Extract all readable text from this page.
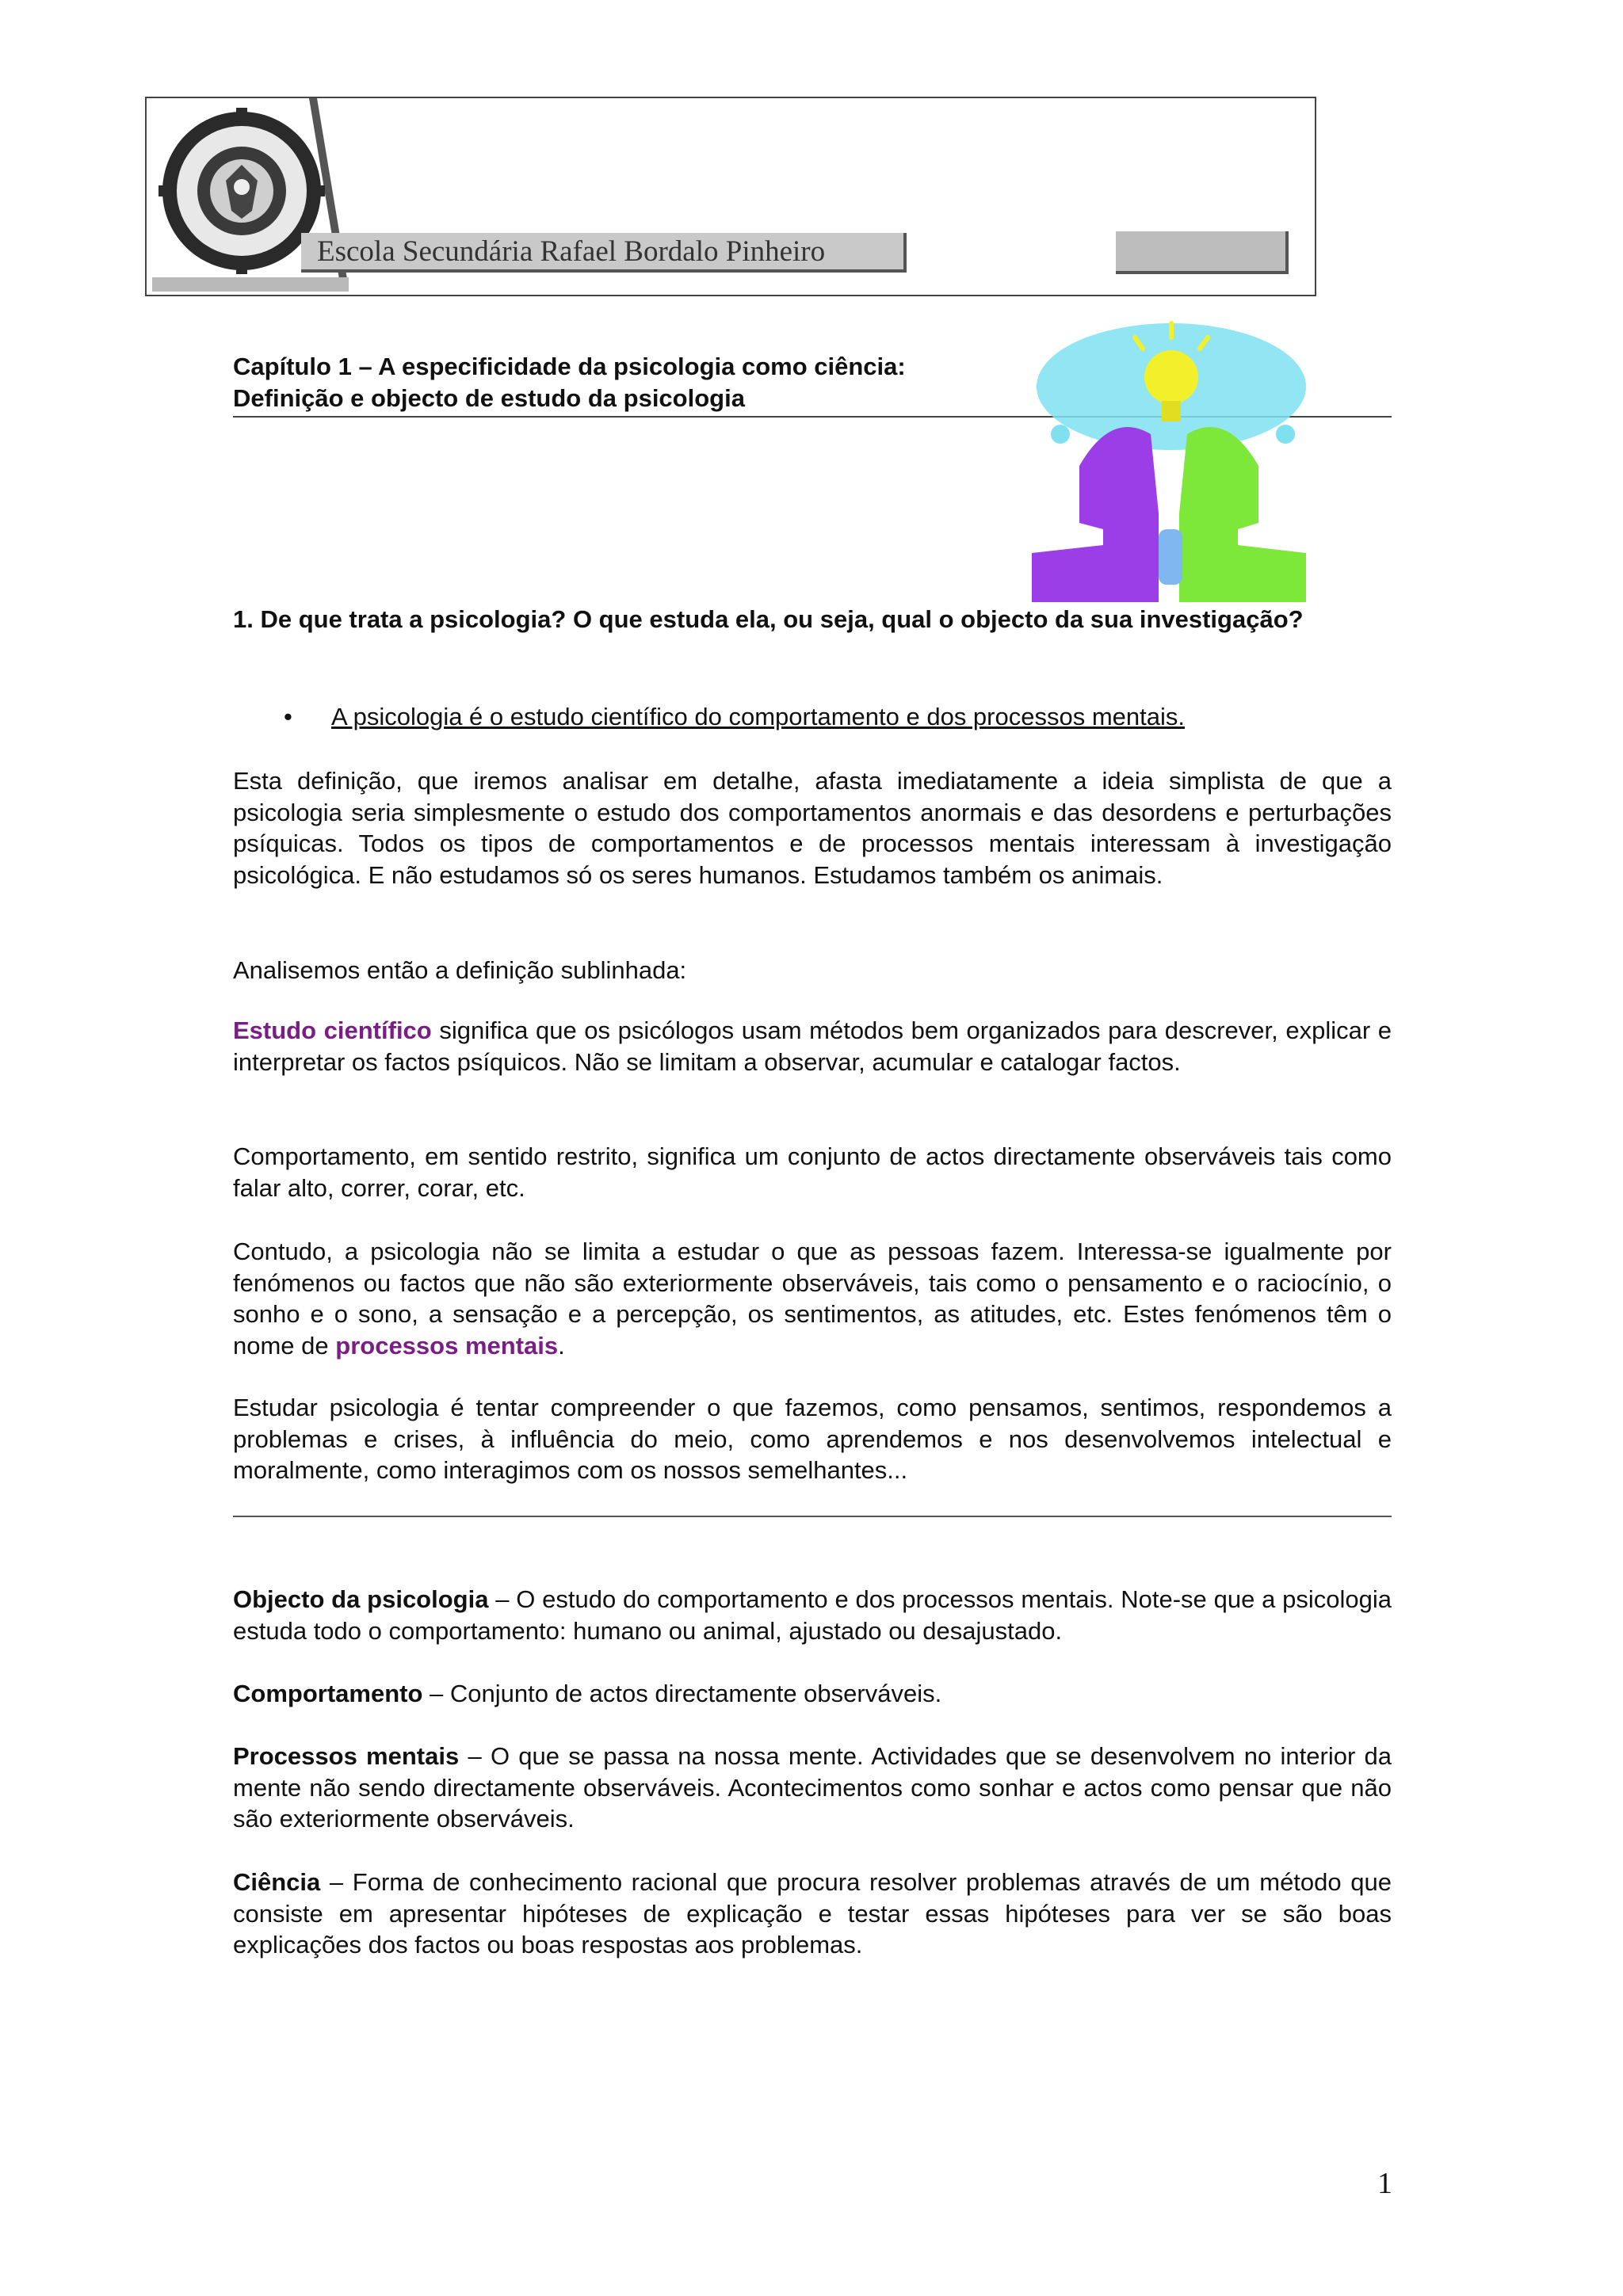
Escola Secundária Rafael Bordalo Pinheiro
Capítulo 1 – A especificidade da psicologia como ciência:
Definição e objecto de estudo da psicologia
1. De que trata a psicologia? O que estuda ela, ou seja, qual o objecto da sua investigação?
• A psicologia é o estudo científico do comportamento e dos processos mentais.
Esta definição, que iremos analisar em detalhe, afasta imediatamente a ideia simplista de que a psicologia seria simplesmente o estudo dos comportamentos anormais e das desordens e perturbações psíquicas. Todos os tipos de comportamentos e de processos mentais interessam à investigação psicológica. E não estudamos só os seres humanos. Estudamos também os animais.
Analisemos então a definição sublinhada:
Estudo científico significa que os psicólogos usam métodos bem organizados para descrever, explicar e interpretar os factos psíquicos. Não se limitam a observar, acumular e catalogar factos.
Comportamento, em sentido restrito, significa um conjunto de actos directamente observáveis tais como falar alto, correr, corar, etc.
Contudo, a psicologia não se limita a estudar o que as pessoas fazem. Interessa-se igualmente por fenómenos ou factos que não são exteriormente observáveis, tais como o pensamento e o raciocínio, o sonho e o sono, a sensação e a percepção, os sentimentos, as atitudes, etc. Estes fenómenos têm o nome de processos mentais.
Estudar psicologia é tentar compreender o que fazemos, como pensamos, sentimos, respondemos a problemas e crises, à influência do meio, como aprendemos e nos desenvolvemos intelectual e moralmente, como interagimos com os nossos semelhantes...
Objecto da psicologia – O estudo do comportamento e dos processos mentais. Note-se que a psicologia estuda todo o comportamento: humano ou animal, ajustado ou desajustado.
Comportamento – Conjunto de actos directamente observáveis.
Processos mentais – O que se passa na nossa mente. Actividades que se desenvolvem no interior da mente não sendo directamente observáveis. Acontecimentos como sonhar e actos como pensar que não são exteriormente observáveis.
Ciência – Forma de conhecimento racional que procura resolver problemas através de um método que consiste em apresentar hipóteses de explicação e testar essas hipóteses para ver se são boas explicações dos factos ou boas respostas aos problemas.
1
